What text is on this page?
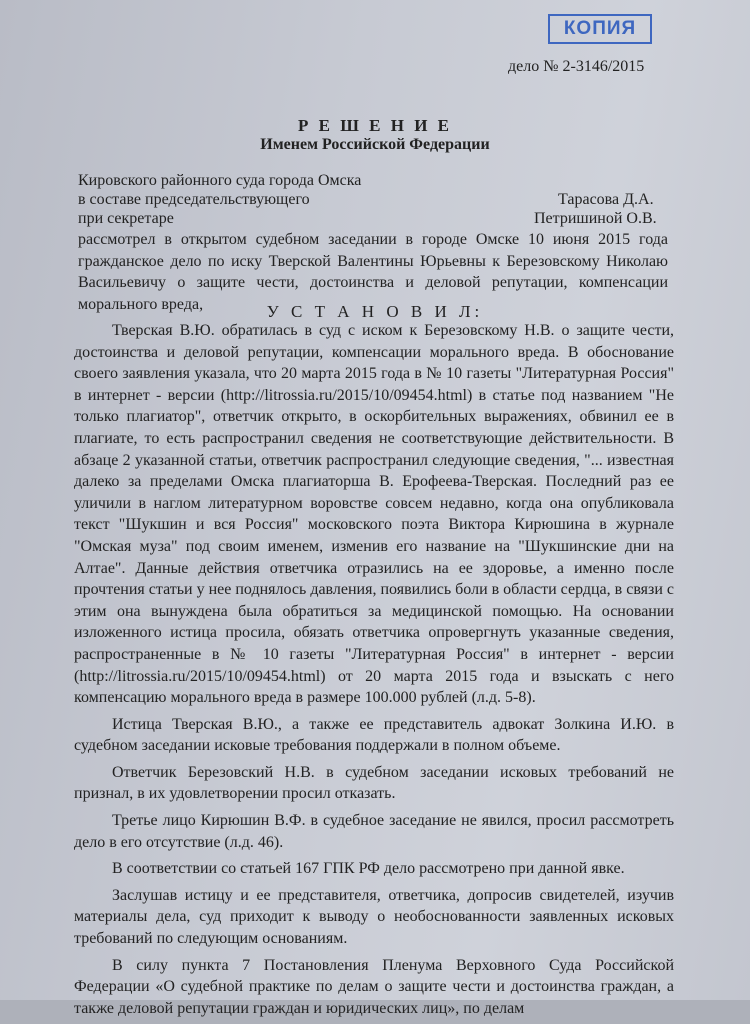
КОПИЯ
дело № 2-3146/2015
Р Е Ш Е Н И Е
Именем Российской Федерации
Кировского районного суда города Омска
в составе председательствующего	Тарасова Д.А.
при секретаре	Петришиной О.В.
рассмотрел в открытом судебном заседании в городе Омске 10 июня 2015 года гражданское дело по иску Тверской Валентины Юрьевны к Березовскому Николаю Васильевичу о защите чести, достоинства и деловой репутации, компенсации морального вреда,	У С Т А Н О В И Л:

Тверская В.Ю. обратилась в суд с иском к Березовскому Н.В. о защите чести, достоинства и деловой репутации, компенсации морального вреда. В обоснование своего заявления указала, что 20 марта 2015 года в № 10 газеты "Литературная Россия" в интернет - версии (http://litrossia.ru/2015/10/09454.html) в статье под названием "Не только плагиатор", ответчик открыто, в оскорбительных выражениях, обвинил ее в плагиате, то есть распространил сведения не соответствующие действительности. В абзаце 2 указанной статьи, ответчик распространил следующие сведения, "... известная далеко за пределами Омска плагиаторша В. Ерофеева-Тверская. Последний раз ее уличили в наглом литературном воровстве совсем недавно, когда она опубликовала текст "Шукшин и вся Россия" московского поэта Виктора Кирюшина в журнале "Омская муза" под своим именем, изменив его название на "Шукшинские дни на Алтае". Данные действия ответчика отразились на ее здоровье, а именно после прочтения статьи у нее поднялось давления, появились боли в области сердца, в связи с этим она вынуждена была обратиться за медицинской помощью. На основании изложенного истица просила, обязать ответчика опровергнуть указанные сведения, распространенные в № 10 газеты "Литературная Россия" в интернет - версии (http://litrossia.ru/2015/10/09454.html) от 20 марта 2015 года и взыскать с него компенсацию морального вреда в размере 100.000 рублей (л.д. 5-8).

Истица Тверская В.Ю., а также ее представитель адвокат Золкина И.Ю. в судебном заседании исковые требования поддержали в полном объеме.

Ответчик Березовский Н.В. в судебном заседании исковых требований не признал, в их удовлетворении просил отказать.

Третье лицо Кирюшин В.Ф. в судебное заседание не явился, просил рассмотреть дело в его отсутствие (л.д. 46).

В соответствии со статьей 167 ГПК РФ дело рассмотрено при данной явке.

Заслушав истицу и ее представителя, ответчика, допросив свидетелей, изучив материалы дела, суд приходит к выводу о необоснованности заявленных исковых требований по следующим основаниям.

В силу пункта 7 Постановления Пленума Верховного Суда Российской Федерации «О судебной практике по делам о защите чести и достоинства граждан, а также деловой репутации граждан и юридических лиц», по делам
